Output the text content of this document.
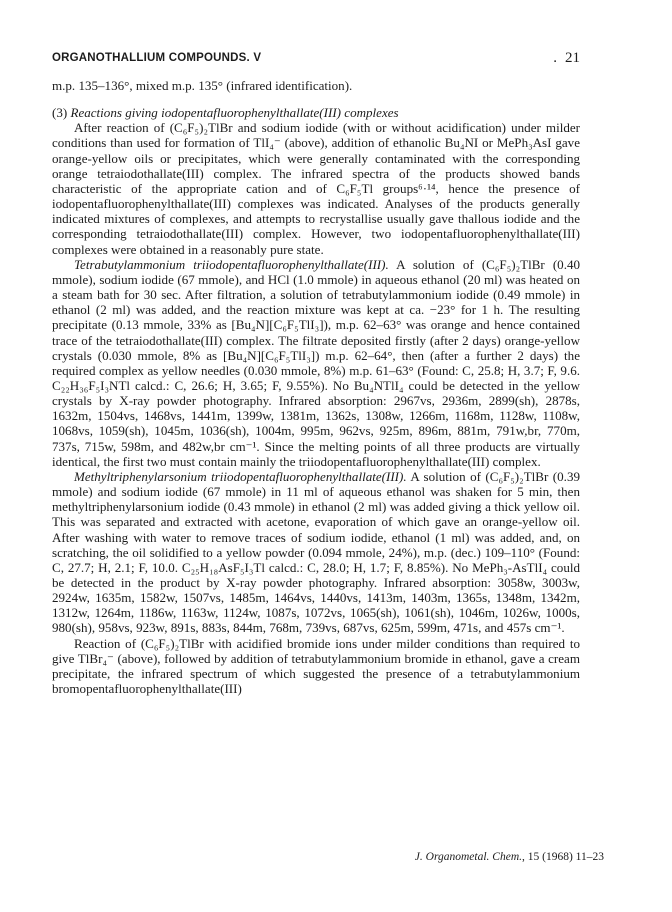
ORGANOTHALLIUM COMPOUNDS. V	. 21

m.p. 135–136°, mixed m.p. 135° (infrared identification).

(3) Reactions giving iodopentafluorophenylthallate(III) complexes

After reaction of (C₆F₅)₂TlBr and sodium iodide (with or without acidification) under milder conditions than used for formation of TlI₄⁻ (above), addition of ethanolic Bu₄NI or MePh₃AsI gave orange-yellow oils or precipitates, which were generally contaminated with the corresponding orange tetraiodothallate(III) complex. The infrared spectra of the products showed bands characteristic of the appropriate cation and of C₆F₅Tl groups⁶·¹⁴, hence the presence of iodopentafluorophenylthallate(III) complexes was indicated. Analyses of the products generally indicated mixtures of complexes, and attempts to recrystallise usually gave thallous iodide and the corresponding tetraiodothallate(III) complex. However, two iodopentafluorophenylthallate(III) complexes were obtained in a reasonably pure state.

Tetrabutylammonium triiodopentafluorophenylthallate(III). A solution of (C₆F₅)₂TlBr (0.40 mmole), sodium iodide (67 mmole), and HCl (1.0 mmole) in aqueous ethanol (20 ml) was heated on a steam bath for 30 sec. After filtration, a solution of tetrabutylammonium iodide (0.49 mmole) in ethanol (2 ml) was added, and the reaction mixture was kept at ca. −23° for 1 h. The resulting precipitate (0.13 mmole, 33% as [Bu₄N][C₆F₅TlI₃]), m.p. 62–63° was orange and hence contained trace of the tetraiodothallate(III) complex. The filtrate deposited firstly (after 2 days) orange-yellow crystals (0.030 mmole, 8% as [Bu₄N][C₆F₅TlI₃]) m.p. 62–64°, then (after a further 2 days) the required complex as yellow needles (0.030 mmole, 8%) m.p. 61–63° (Found: C, 25.8; H, 3.7; F, 9.6. C₂₂H₃₆F₅I₃NTl calcd.: C, 26.6; H, 3.65; F, 9.55%). No Bu₄NTlI₄ could be detected in the yellow crystals by X-ray powder photography. Infrared absorption: 2967vs, 2936m, 2899(sh), 2878s, 1632m, 1504vs, 1468vs, 1441m, 1399w, 1381m, 1362s, 1308w, 1266m, 1168m, 1128w, 1108w, 1068vs, 1059(sh), 1045m, 1036(sh), 1004m, 995m, 962vs, 925m, 896m, 881m, 791w,br, 770m, 737s, 715w, 598m, and 482w,br cm⁻¹. Since the melting points of all three products are virtually identical, the first two must contain mainly the triiodopentafluorophenylthallate(III) complex.

Methyltriphenylarsonium triiodopentafluorophenylthallate(III). A solution of (C₆F₅)₂TlBr (0.39 mmole) and sodium iodide (67 mmole) in 11 ml of aqueous ethanol was shaken for 5 min, then methyltriphenylarsonium iodide (0.43 mmole) in ethanol (2 ml) was added giving a thick yellow oil. This was separated and extracted with acetone, evaporation of which gave an orange-yellow oil. After washing with water to remove traces of sodium iodide, ethanol (1 ml) was added, and, on scratching, the oil solidified to a yellow powder (0.094 mmole, 24%), m.p. (dec.) 109–110° (Found: C, 27.7; H, 2.1; F, 10.0. C₂₅H₁₈AsF₅I₃Tl calcd.: C, 28.0; H, 1.7; F, 8.85%). No MePh₃-AsTlI₄ could be detected in the product by X-ray powder photography. Infrared absorption: 3058w, 3003w, 2924w, 1635m, 1582w, 1507vs, 1485m, 1464vs, 1440vs, 1413m, 1403m, 1365s, 1348m, 1342m, 1312w, 1264m, 1186w, 1163w, 1124w, 1087s, 1072vs, 1065(sh), 1061(sh), 1046m, 1026w, 1000s, 980(sh), 958vs, 923w, 891s, 883s, 844m, 768m, 739vs, 687vs, 625m, 599m, 471s, and 457s cm⁻¹.

Reaction of (C₆F₅)₂TlBr with acidified bromide ions under milder conditions than required to give TlBr₄⁻ (above), followed by addition of tetrabutylammonium bromide in ethanol, gave a cream precipitate, the infrared spectrum of which suggested the presence of a tetrabutylammonium bromopentafluorophenylthallate(III)

J. Organometal. Chem., 15 (1968) 11–23
